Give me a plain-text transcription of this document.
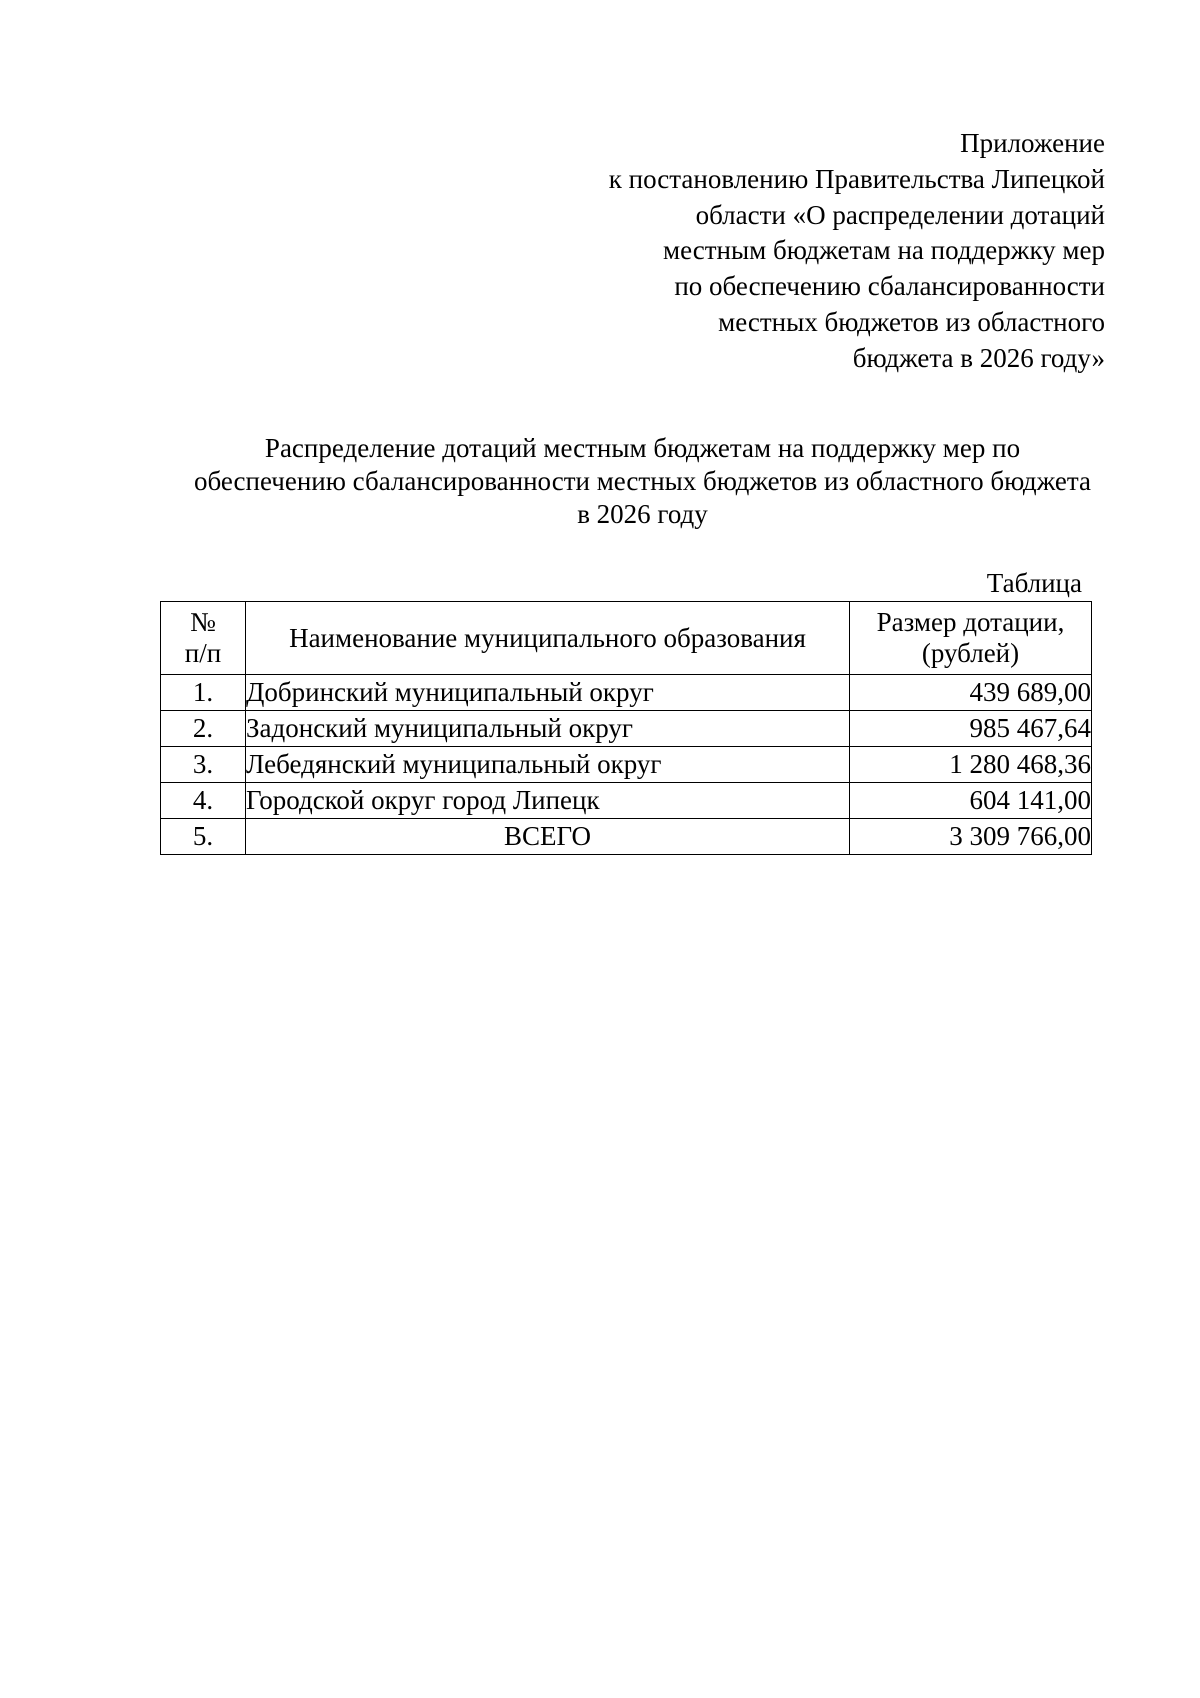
Приложение
к постановлению Правительства Липецкой
области «О распределении дотаций
местным бюджетам на поддержку мер
по обеспечению сбалансированности
местных бюджетов из областного
бюджета в 2026 году»
Распределение дотаций местным бюджетам на поддержку мер по
обеспечению сбалансированности местных бюджетов из областного бюджета
в 2026 году
Таблица
№
п/п	Наименование муниципального образования	Размер дотации,
(рублей)

1.	Добринский муниципальный округ	439 689,00
2.	Задонский муниципальный округ	985 467,64
3.	Лебедянский муниципальный округ	1 280 468,36
4.	Городской округ город Липецк	604 141,00
5.	ВСЕГО	3 309 766,00
